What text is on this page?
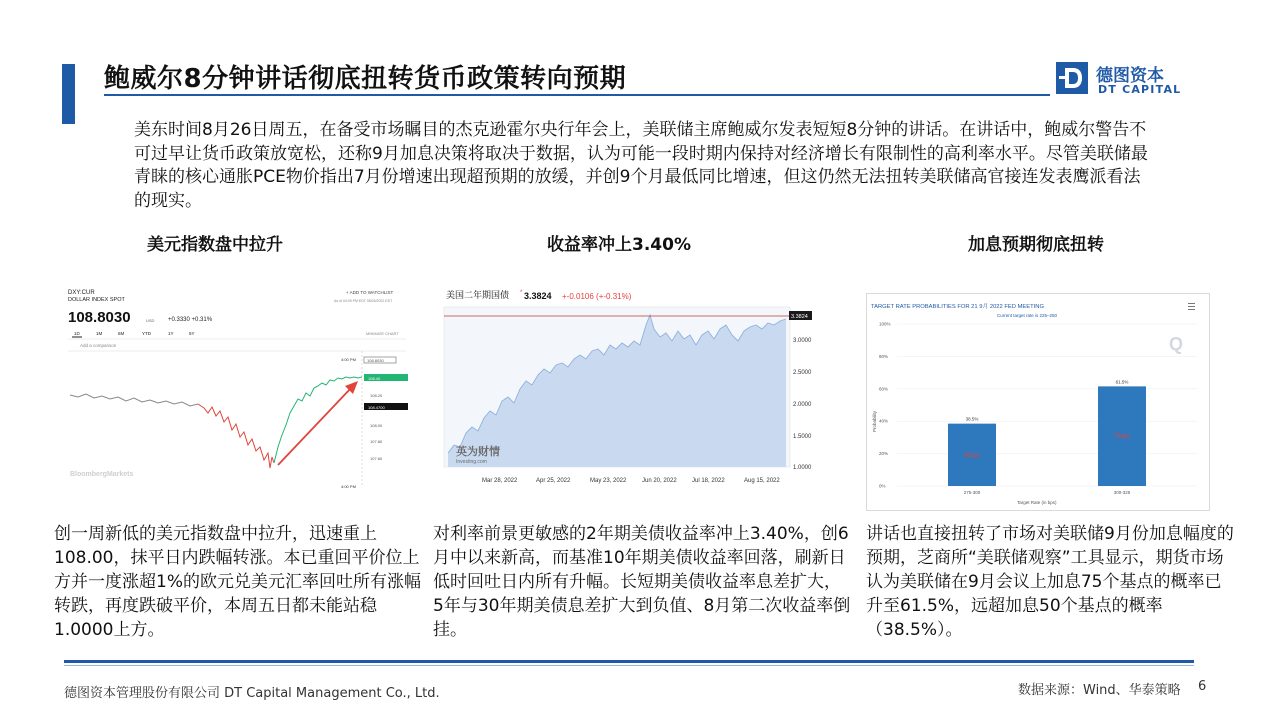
鲍威尔8分钟讲话彻底扭转货币政策转向预期	德图资本
DT CAPITAL
美东时间8月26日周五，在备受市场瞩目的杰克逊霍尔央行年会上，美联储主席鲍威尔发表短短8分钟的讲话。在讲话中，鲍威尔警告不可过早让货币政策放宽松，还称9月加息决策将取决于数据，认为可能一段时期内保持对经济增长有限制性的高利率水平。尽管美联储最青睐的核心通胀PCE物价指出7月份增速出现超预期的放缓，并创9个月最低同比增速，但这仍然无法扭转美联储高官接连发表鹰派看法的现实。
美元指数盘中拉升	收益率冲上3.40%	加息预期彻底扭转
DXY:CUR
DOLLAR INDEX SPOT
+ ADD TO WATCHLIST
108.8030	USD +0.3330 +0.31%
As of 04:09 PM EDT 08/26/2022 EDT
1D	1M	6M	YTD	1Y	5Y
Add a comparison
MINIMIZE CHART
4:00 PM
4:00 PM
108.8030
108.40
108.20
108.4700
108.00
107.80
107.60
BloombergMarkets
美国二年期国债 * 3.3824 +-0.0106 (+-0.31%)
3.3824
3.0000
2.5000
2.0000
1.5000
1.0000
Mar 28, 2022	Apr 25, 2022	May 23, 2022	Jun 20, 2022	Jul 18, 2022	Aug 15, 2022
英为财情
Investing.com
TARGET RATE PROBABILITIES FOR 21 9月 2022 FED MEETING
Current target rate is 225–250
Q
Probability
Target Rate (in bps)
100%
80%
60%
40%
20%
0%
38.5%
50bps
275-300
61.5%
75bps
300-325
创一周新低的美元指数盘中拉升，迅速重上108.00，抹平日内跌幅转涨。本已重回平价位上方并一度涨超1%的欧元兑美元汇率回吐所有涨幅转跌，再度跌破平价，本周五日都未能站稳1.0000上方。
对利率前景更敏感的2年期美债收益率冲上3.40%，创6月中以来新高，而基准10年期美债收益率回落，刷新日低时回吐日内所有升幅。长短期美债收益率息差扩大，5年与30年期美债息差扩大到负值、8月第二次收益率倒挂。
讲话也直接扭转了市场对美联储9月份加息幅度的预期，芝商所“美联储观察”工具显示，期货市场认为美联储在9月会议上加息75个基点的概率已升至61.5%，远超加息50个基点的概率（38.5%）。
德图资本管理股份有限公司 DT Capital Management Co., Ltd.	数据来源：Wind、华泰策略 6
